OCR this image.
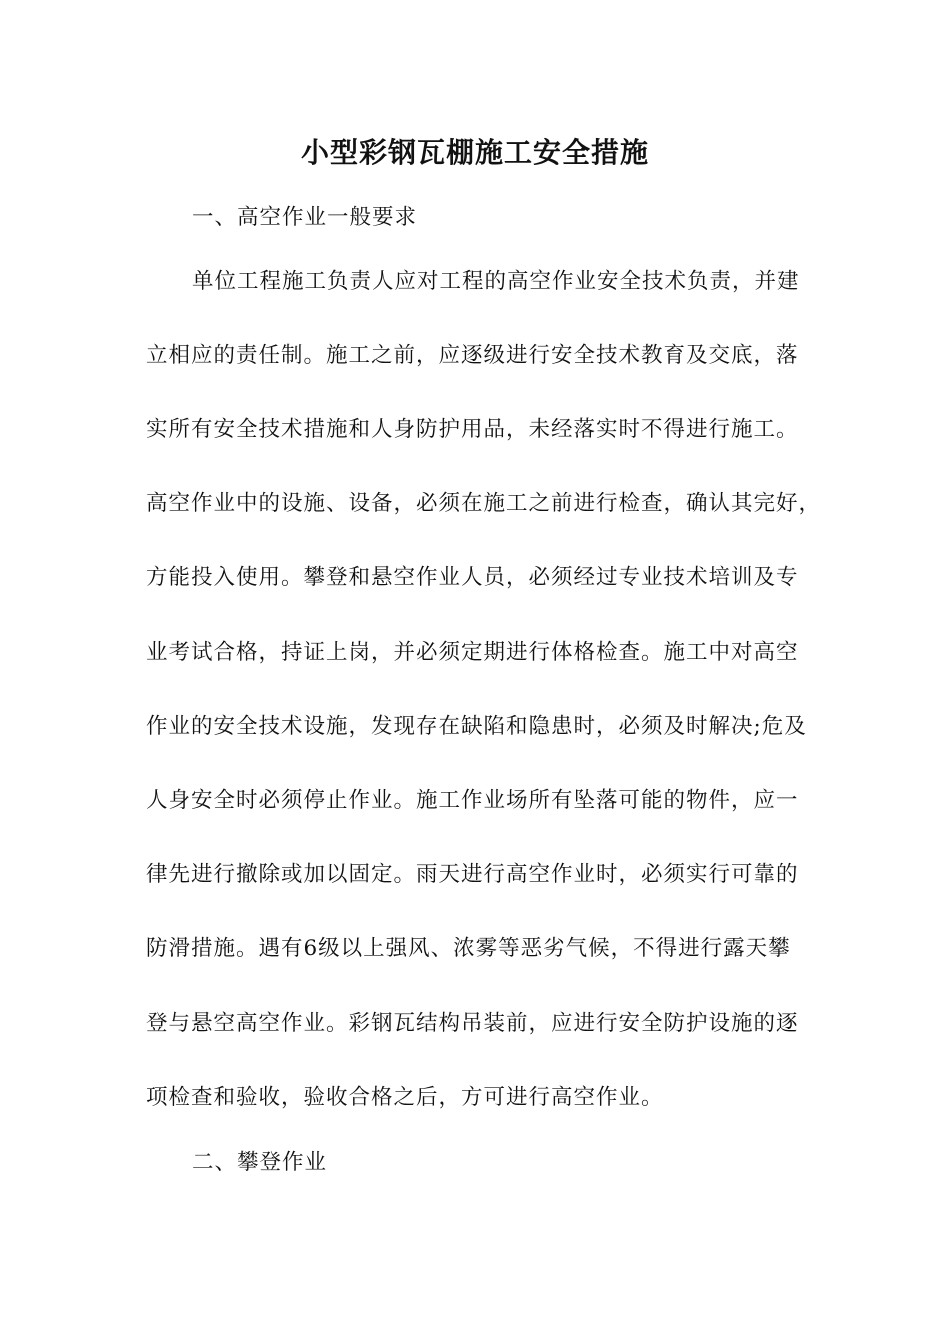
小型彩钢瓦棚施工安全措施

一、高空作业一般要求

单位工程施工负责人应对工程的高空作业安全技术负责，并建

立相应的责任制。施工之前，应逐级进行安全技术教育及交底，落

实所有安全技术措施和人身防护用品，未经落实时不得进行施工。

高空作业中的设施、设备，必须在施工之前进行检查，确认其完好，

方能投入使用。攀登和悬空作业人员，必须经过专业技术培训及专

业考试合格，持证上岗，并必须定期进行体格检查。施工中对高空

作业的安全技术设施，发现存在缺陷和隐患时，必须及时解决;危及

人身安全时必须停止作业。施工作业场所有坠落可能的物件，应一

律先进行撤除或加以固定。雨天进行高空作业时，必须实行可靠的

防滑措施。遇有6级以上强风、浓雾等恶劣气候，不得进行露天攀

登与悬空高空作业。彩钢瓦结构吊装前，应进行安全防护设施的逐

项检查和验收，验收合格之后，方可进行高空作业。

二、攀登作业
